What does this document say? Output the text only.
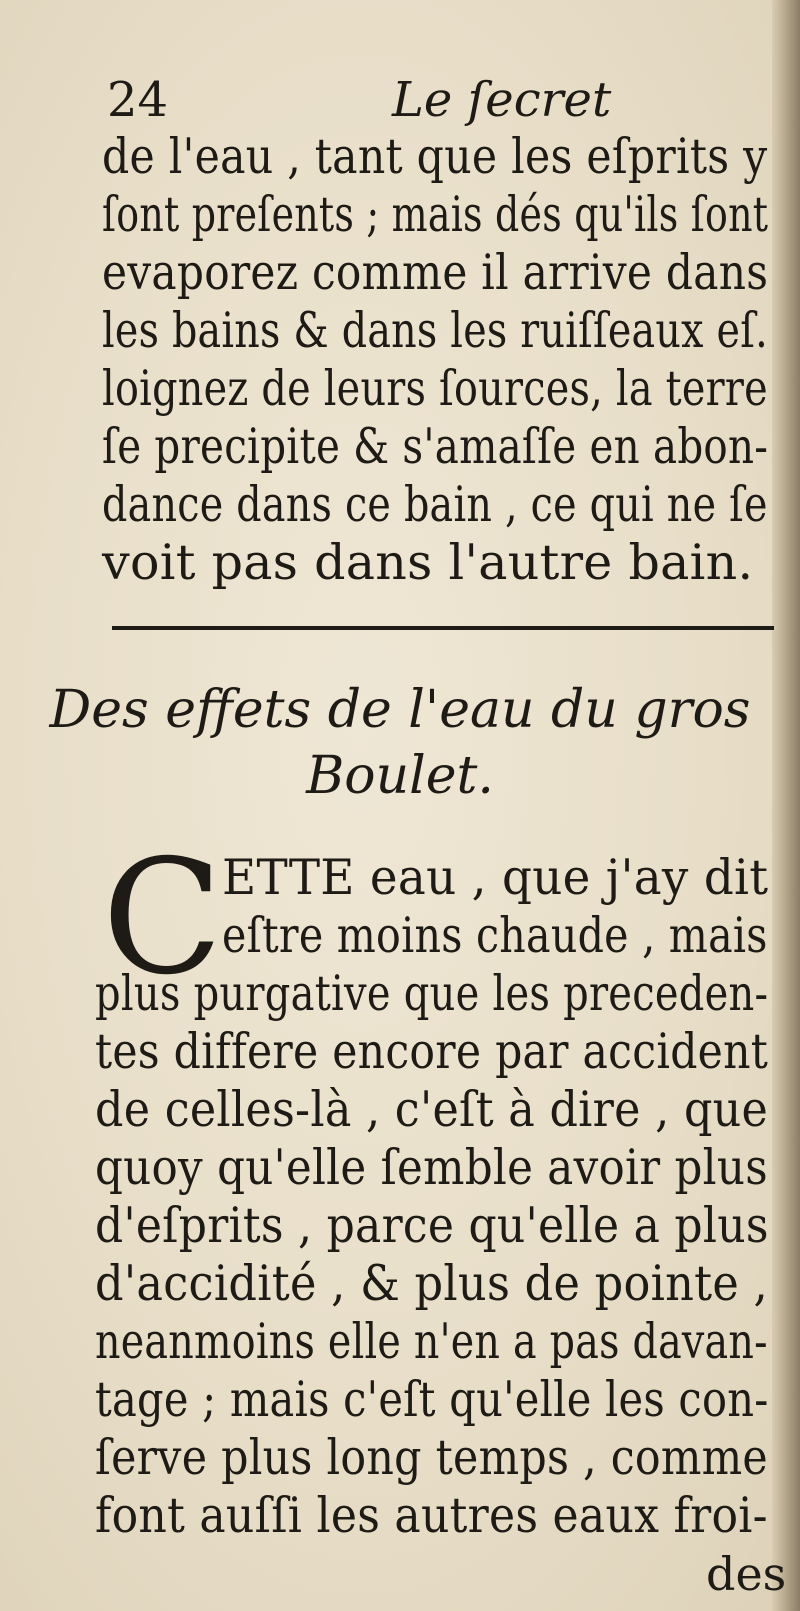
24	Le ſecret
de l'eau , tant que les eſprits y
ſont preſents ; mais dés qu'ils ſont
evaporez comme il arrive dans
les bains & dans les ruiſſeaux eſ.
loignez de leurs ſources, la terre
ſe precipite & s'amaſſe en abon-
dance dans ce bain , ce qui ne ſe
voit pas dans l'autre bain.
Des effets de l'eau du gros
Boulet.
C ETTE eau , que j'ay dit
eſtre moins chaude , mais
plus purgative que les preceden-
tes differe encore par accident
de celles-là , c'eſt à dire , que
quoy qu'elle ſemble avoir plus
d'eſprits , parce qu'elle a plus
d'accidité , & plus de pointe ,
neanmoins elle n'en a pas davan-
tage ; mais c'eſt qu'elle les con-
ſerve plus long temps , comme
font auſſi les autres eaux froi-
des
